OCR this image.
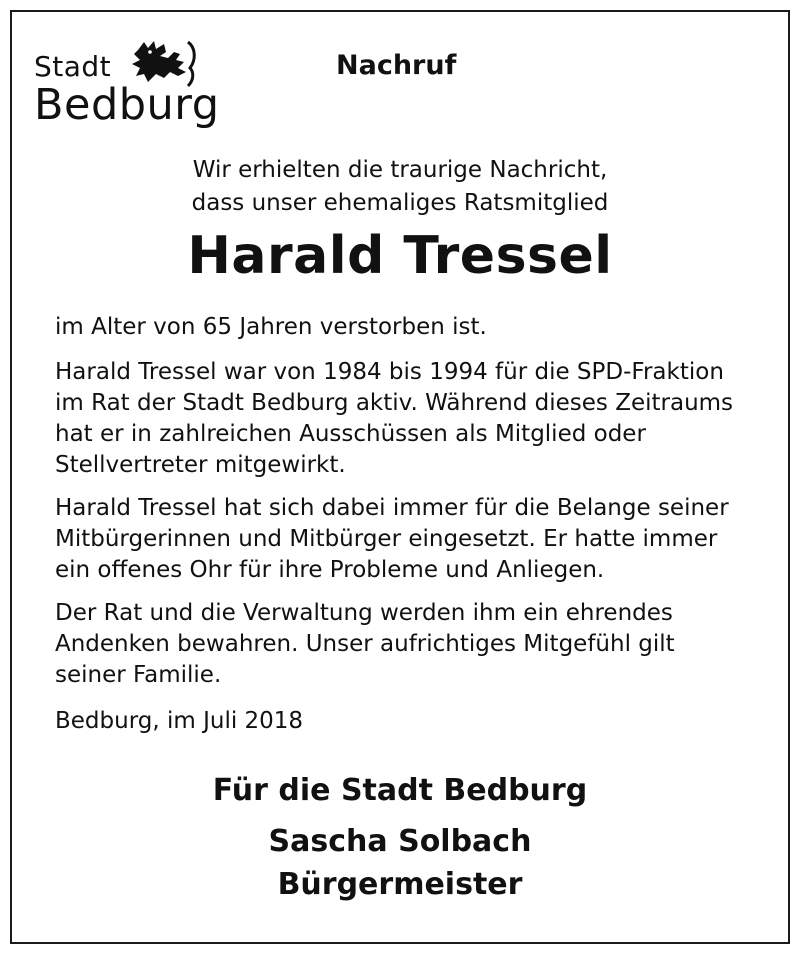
Stadt
Bedburg
Nachruf
Wir erhielten die traurige Nachricht,
dass unser ehemaliges Ratsmitglied
Harald Tressel
im Alter von 65 Jahren verstorben ist.
Harald Tressel war von 1984 bis 1994 für die SPD-Fraktion
im Rat der Stadt Bedburg aktiv. Während dieses Zeitraums
hat er in zahlreichen Ausschüssen als Mitglied oder
Stellvertreter mitgewirkt.
Harald Tressel hat sich dabei immer für die Belange seiner
Mitbürgerinnen und Mitbürger eingesetzt. Er hatte immer
ein offenes Ohr für ihre Probleme und Anliegen.
Der Rat und die Verwaltung werden ihm ein ehrendes
Andenken bewahren. Unser aufrichtiges Mitgefühl gilt
seiner Familie.
Bedburg, im Juli 2018
Für die Stadt Bedburg
Sascha Solbach
Bürgermeister
